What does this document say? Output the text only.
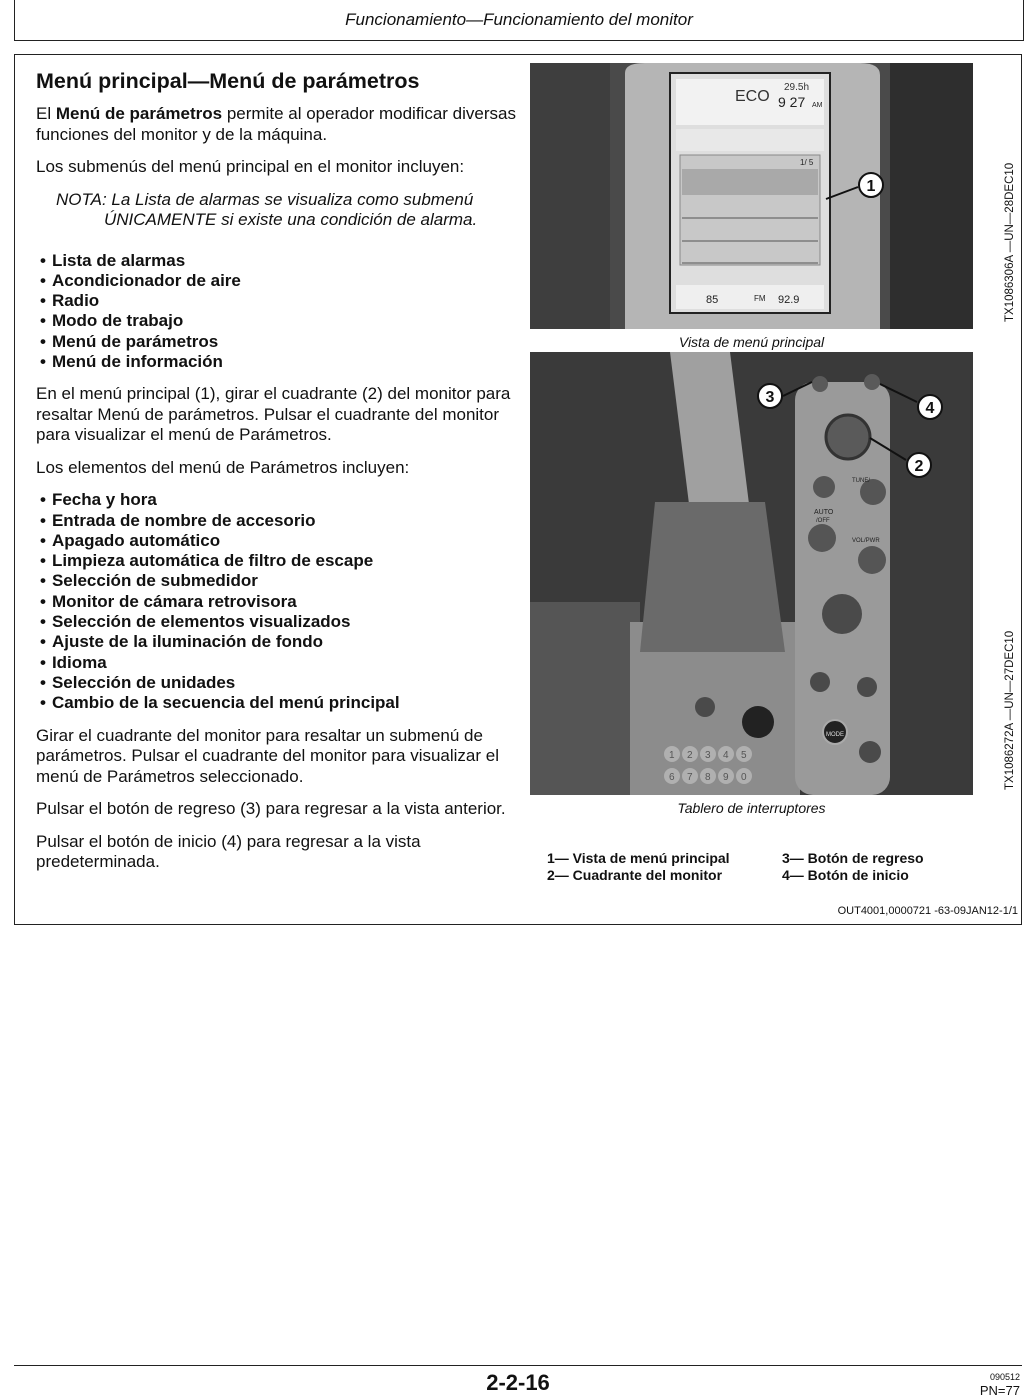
Funcionamiento—Funcionamiento del monitor
Menú principal—Menú de parámetros

El Menú de parámetros permite al operador modificar diversas funciones del monitor y de la máquina.

Los submenús del menú principal en el monitor incluyen:

NOTA: La Lista de alarmas se visualiza como submenú
ÚNICAMENTE si existe una condición de alarma.
• Lista de alarmas
• Acondicionador de aire
• Radio
• Modo de trabajo
• Menú de parámetros
• Menú de información

En el menú principal (1), girar el cuadrante (2) del monitor para resaltar Menú de parámetros. Pulsar el cuadrante del monitor para visualizar el menú de Parámetros.

Los elementos del menú de Parámetros incluyen:

• Fecha y hora
• Entrada de nombre de accesorio
• Apagado automático
• Limpieza automática de filtro de escape
• Selección de submedidor
• Monitor de cámara retrovisora
• Selección de elementos visualizados
• Ajuste de la iluminación de fondo
• Idioma
• Selección de unidades
• Cambio de la secuencia del menú principal

Girar el cuadrante del monitor para resaltar un submenú de parámetros. Pulsar el cuadrante del monitor para visualizar el menú de Parámetros seleccionado.

Pulsar el botón de regreso (3) para regresar a la vista anterior.

Pulsar el botón de inicio (4) para regresar a la vista predeterminada.

ECO
29.5h
9 27 AM
1/ 5
85	FM 92.9
1
Vista de menú principal
TX1086306A —UN—28DEC10
TUNE/
AUTO
/OFF
VOL/PWR
MODE
1 2 3 4 5
6 7 8 9 0
3
4
2
Tablero de interruptores
TX1086272A —UN—27DEC10
1— Vista de menú principal
2— Cuadrante del monitor
3— Botón de regreso
4— Botón de inicio
OUT4001,0000721 -63-09JAN12-1/1
2-2-16	090512
PN=77
